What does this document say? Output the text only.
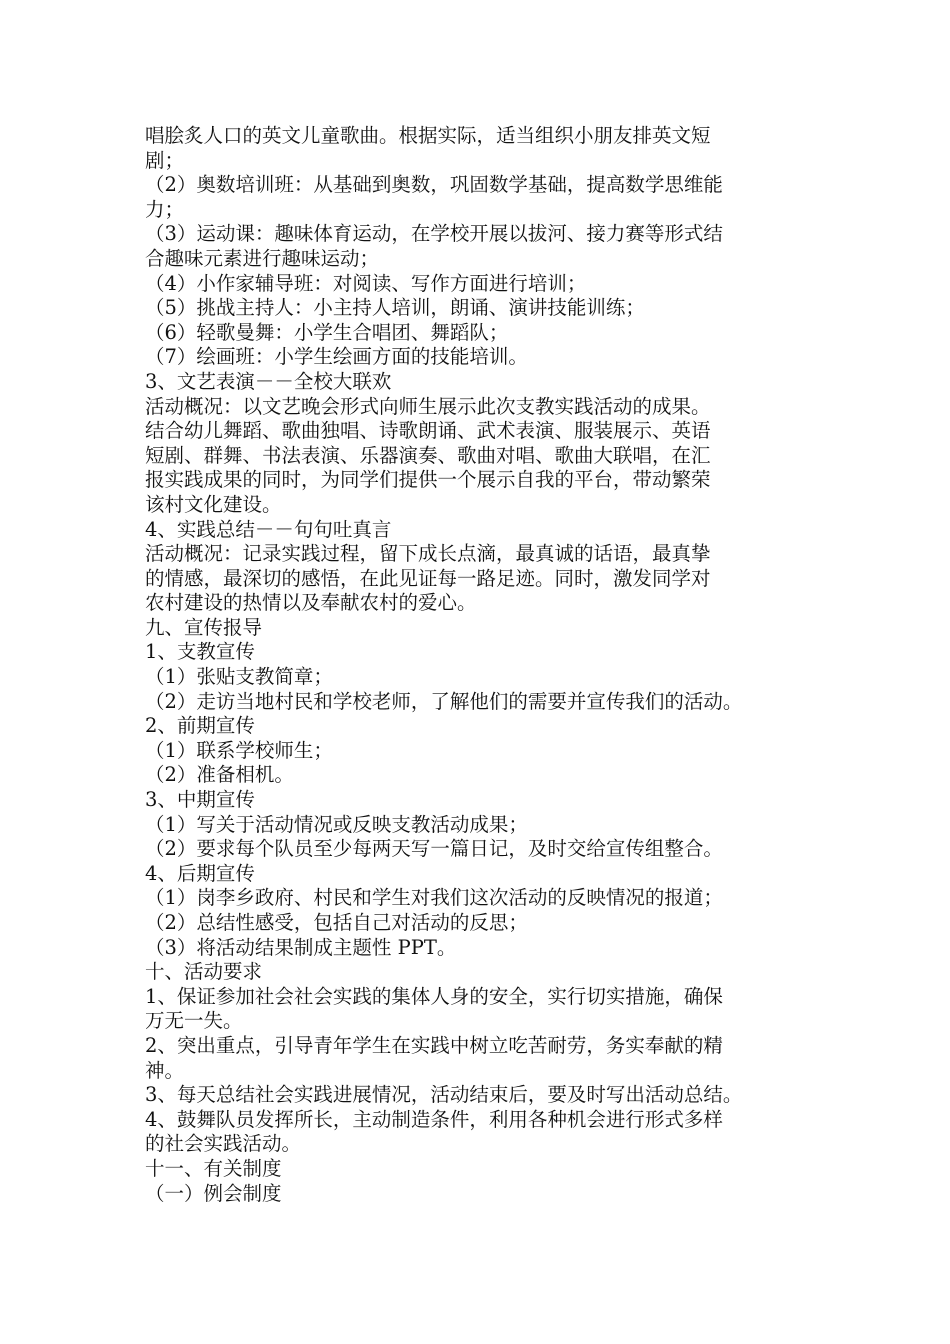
唱脍炙人口的英文儿童歌曲。根据实际，适当组织小朋友排英文短
剧；
（2）奥数培训班：从基础到奥数，巩固数学基础，提高数学思维能
力；
（3）运动课：趣味体育运动，在学校开展以拔河、接力赛等形式结
合趣味元素进行趣味运动；
（4）小作家辅导班：对阅读、写作方面进行培训；
（5）挑战主持人：小主持人培训，朗诵、演讲技能训练；
（6）轻歌曼舞：小学生合唱团、舞蹈队；
（7）绘画班：小学生绘画方面的技能培训。
3、文艺表演－－全校大联欢
活动概况：以文艺晚会形式向师生展示此次支教实践活动的成果。
结合幼儿舞蹈、歌曲独唱、诗歌朗诵、武术表演、服装展示、英语
短剧、群舞、书法表演、乐器演奏、歌曲对唱、歌曲大联唱，在汇
报实践成果的同时，为同学们提供一个展示自我的平台，带动繁荣
该村文化建设。
4、实践总结－－句句吐真言
活动概况：记录实践过程，留下成长点滴，最真诚的话语，最真挚
的情感，最深切的感悟，在此见证每一路足迹。同时，激发同学对
农村建设的热情以及奉献农村的爱心。
九、宣传报导
1、支教宣传
（1）张贴支教简章；
（2）走访当地村民和学校老师，了解他们的需要并宣传我们的活动。
2、前期宣传
（1）联系学校师生；
（2）准备相机。
3、中期宣传
（1）写关于活动情况或反映支教活动成果；
（2）要求每个队员至少每两天写一篇日记，及时交给宣传组整合。
4、后期宣传
（1）岗李乡政府、村民和学生对我们这次活动的反映情况的报道；
（2）总结性感受，包括自己对活动的反思；
（3）将活动结果制成主题性 PPT。
十、活动要求
1、保证参加社会社会实践的集体人身的安全，实行切实措施，确保
万无一失。
2、突出重点，引导青年学生在实践中树立吃苦耐劳，务实奉献的精
神。
3、每天总结社会实践进展情况，活动结束后，要及时写出活动总结。
4、鼓舞队员发挥所长，主动制造条件，利用各种机会进行形式多样
的社会实践活动。
十一、有关制度
（一）例会制度
